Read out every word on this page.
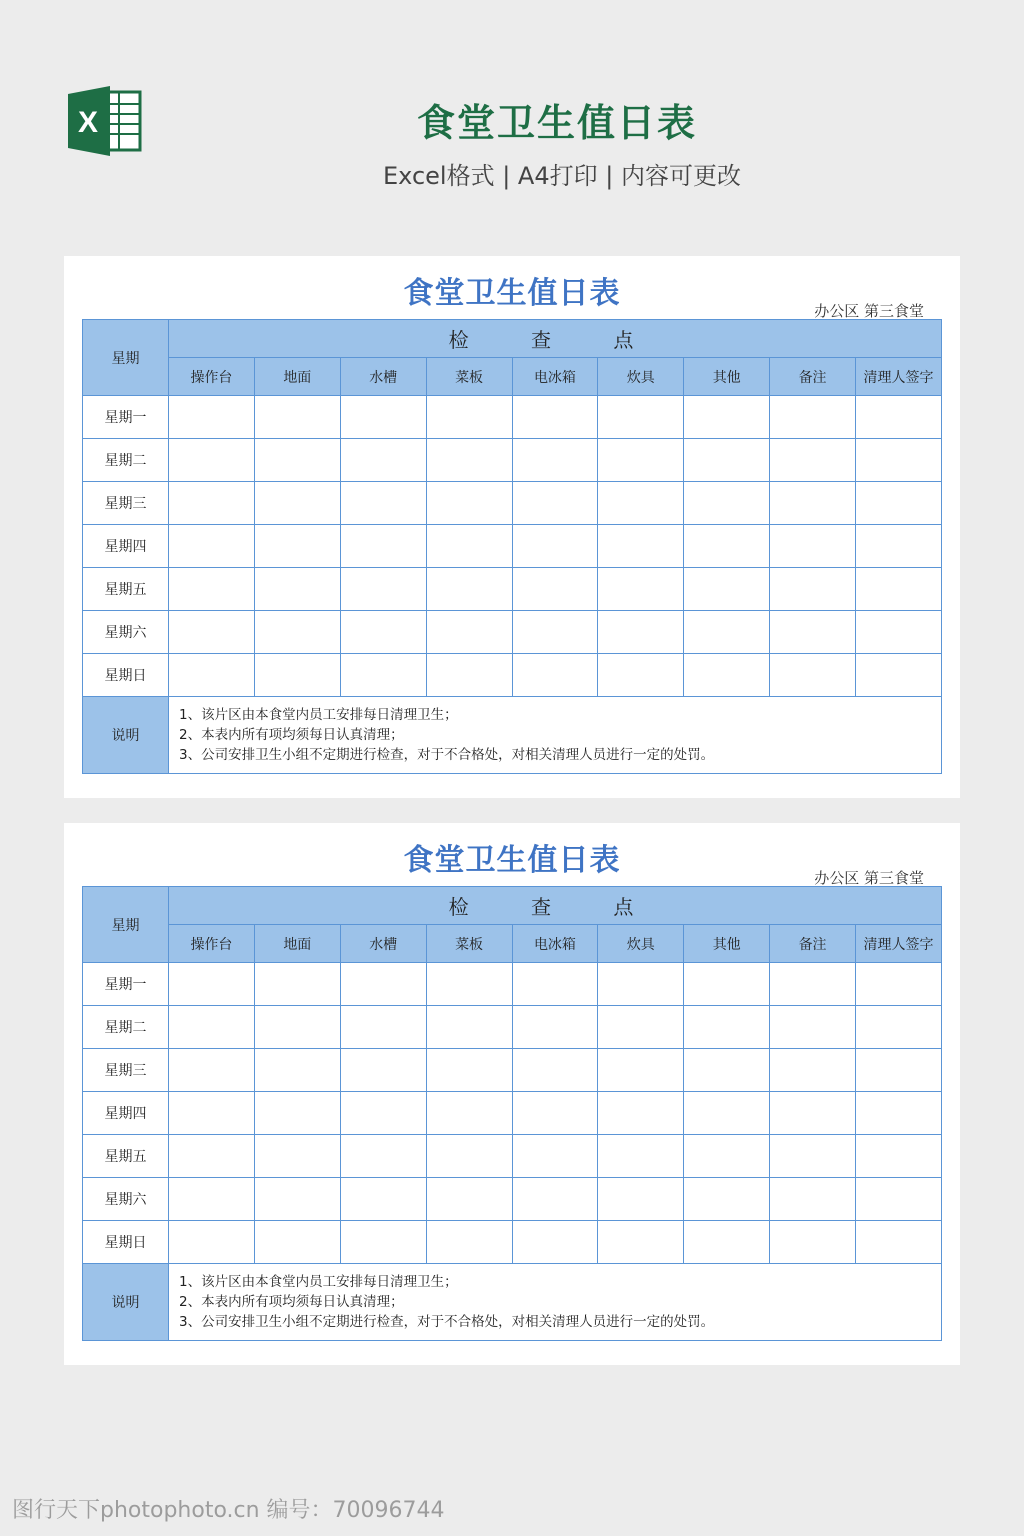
X	食堂卫生值日表
Excel格式 | A4打印 | 内容可更改
食堂卫生值日表	办公区 第三食堂
星期	检 查 点								
	操作台	地面	水槽	菜板	电冰箱	炊具	其他	备注	清理人签字
星期一									
星期二									
星期三									
星期四									
星期五									
星期六									
星期日									
说明	1、该片区由本食堂内员工安排每日清理卫生；
2、本表内所有项均须每日认真清理；
3、公司安排卫生小组不定期进行检查，对于不合格处，对相关清理人员进行一定的处罚。								
食堂卫生值日表	办公区 第三食堂
星期	检 查 点								
	操作台	地面	水槽	菜板	电冰箱	炊具	其他	备注	清理人签字
星期一									
星期二									
星期三									
星期四									
星期五									
星期六									
星期日									
说明	1、该片区由本食堂内员工安排每日清理卫生；
2、本表内所有项均须每日认真清理；
3、公司安排卫生小组不定期进行检查，对于不合格处，对相关清理人员进行一定的处罚。								
图行天下photophoto.cn 编号：70096744
